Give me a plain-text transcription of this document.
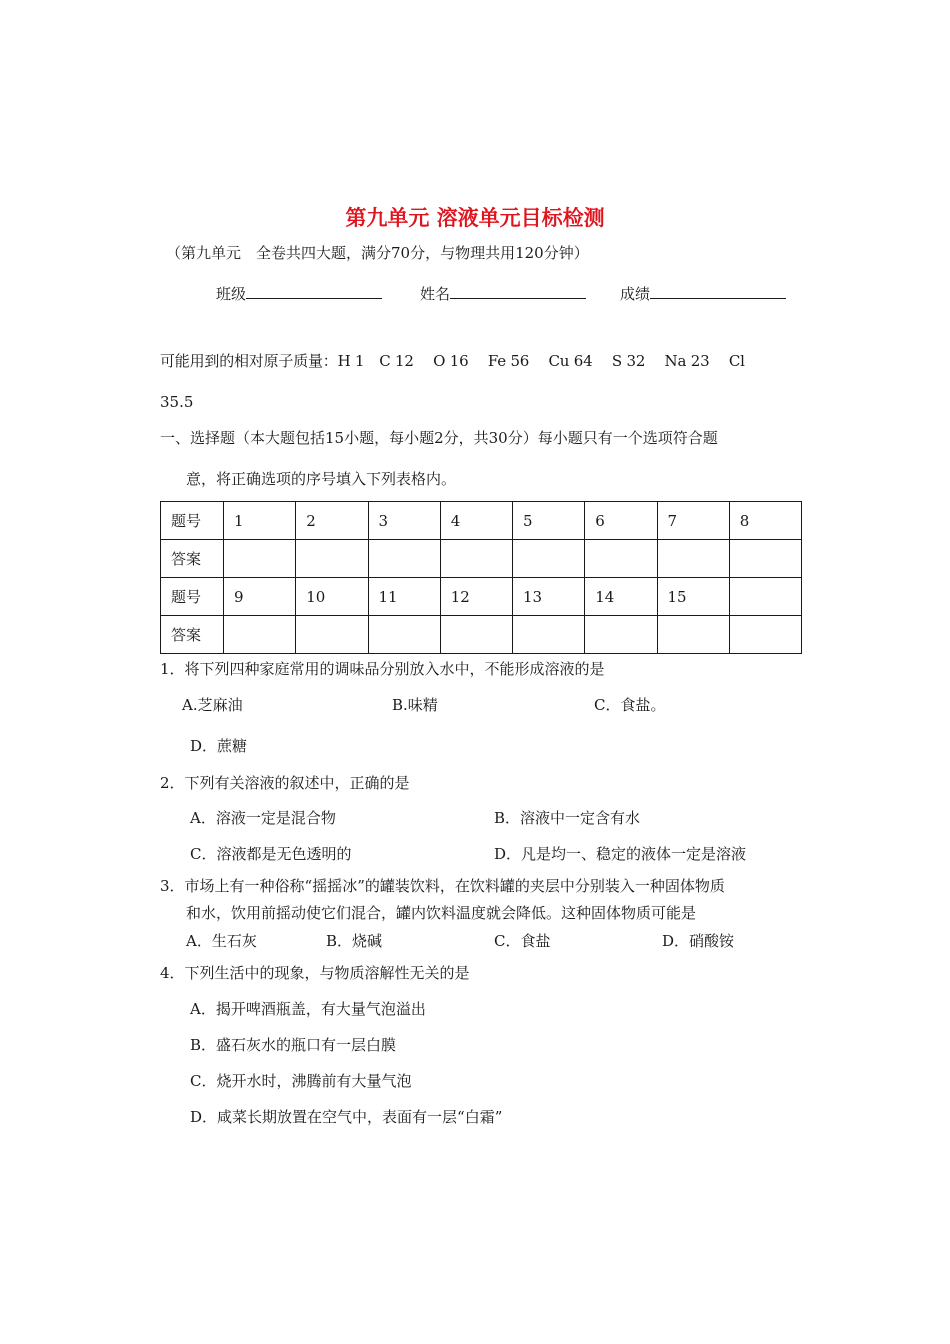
第九单元 溶液单元目标检测
（第九单元　全卷共四大题，满分70分，与物理共用120分钟）
班级	姓名	成绩
可能用到的相对原子质量：H 1　C 12　 O 16　 Fe 56　 Cu 64　 S 32　 Na 23　 Cl
35.5
一、选择题（本大题包括15小题，每小题2分，共30分）每小题只有一个选项符合题
意，将正确选项的序号填入下列表格内。
题号	1	2	3	4	5	6	7	8
答案								
题号	9	10	11	12	13	14	15	
答案								
1．将下列四种家庭常用的调味品分别放入水中，不能形成溶液的是
A.芝麻油	B.味精	C．食盐。
D．蔗糖
2．下列有关溶液的叙述中，正确的是
A．溶液一定是混合物	B．溶液中一定含有水
C．溶液都是无色透明的	D．凡是均一、稳定的液体一定是溶液
3．市场上有一种俗称“摇摇冰”的罐装饮料，在饮料罐的夹层中分别装入一种固体物质
和水，饮用前摇动使它们混合，罐内饮料温度就会降低。这种固体物质可能是
A．生石灰	B．烧碱	C．食盐	D．硝酸铵
4．下列生活中的现象，与物质溶解性无关的是
A．揭开啤酒瓶盖，有大量气泡溢出
B．盛石灰水的瓶口有一层白膜
C．烧开水时，沸腾前有大量气泡
D．咸菜长期放置在空气中，表面有一层“白霜”
